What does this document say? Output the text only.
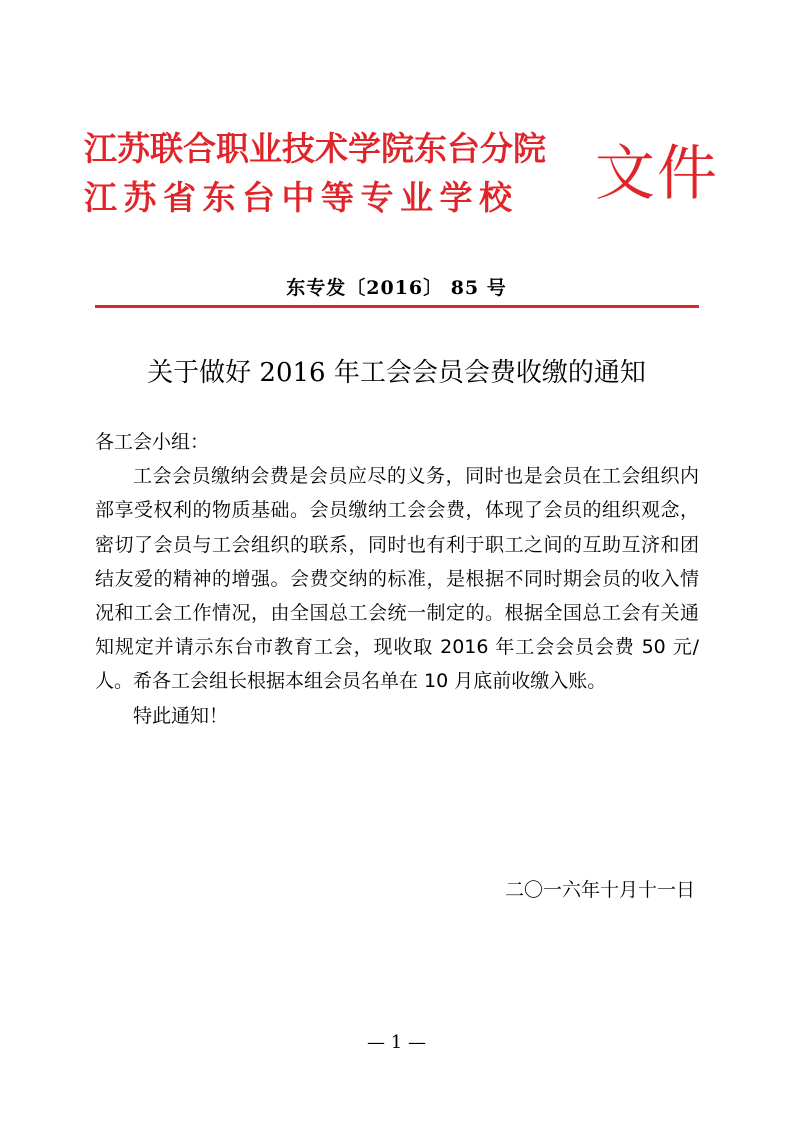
江苏联合职业技术学院东台分院
江苏省东台中等专业学校 文件
东专发〔2016〕 85 号
关于做好 2016 年工会会员会费收缴的通知

各工会小组：

工会会员缴纳会费是会员应尽的义务，同时也是会员在工会组织内部享受权利的物质基础。会员缴纳工会会费，体现了会员的组织观念，密切了会员与工会组织的联系，同时也有利于职工之间的互助互济和团结友爱的精神的增强。会费交纳的标准，是根据不同时期会员的收入情况和工会工作情况，由全国总工会统一制定的。根据全国总工会有关通知规定并请示东台市教育工会，现收取 2016 年工会会员会费 50 元/人。希各工会组长根据本组会员名单在 10 月底前收缴入账。

特此通知！

二〇一六年十月十一日
— 1 —
